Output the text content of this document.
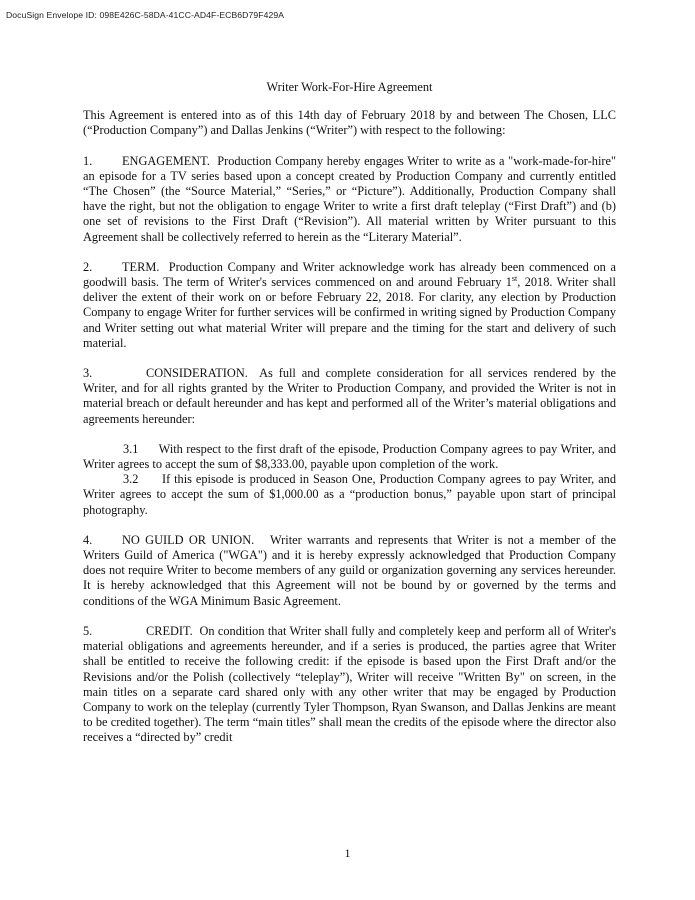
DocuSign Envelope ID: 098E426C-58DA-41CC-AD4F-ECB6D79F429A
Writer Work-For-Hire Agreement

This Agreement is entered into as of this 14th day of February 2018 by and between The Chosen, LLC (“Production Company”) and Dallas Jenkins (“Writer”) with respect to the following:

1. ENGAGEMENT. Production Company hereby engages Writer to write as a "work-made-for-hire" an episode for a TV series based upon a concept created by Production Company and currently entitled “The Chosen” (the “Source Material,” “Series,” or “Picture”). Additionally, Production Company shall have the right, but not the obligation to engage Writer to write a first draft teleplay (“First Draft”) and (b) one set of revisions to the First Draft (“Revision”). All material written by Writer pursuant to this Agreement shall be collectively referred to herein as the “Literary Material”.

2. TERM. Production Company and Writer acknowledge work has already been commenced on a goodwill basis. The term of Writer's services commenced on and around February 1st, 2018. Writer shall deliver the extent of their work on or before February 22, 2018. For clarity, any election by Production Company to engage Writer for further services will be confirmed in writing signed by Production Company and Writer setting out what material Writer will prepare and the timing for the start and delivery of such material.

3.	CONSIDERATION. As full and complete consideration for all services rendered by the Writer, and for all rights granted by the Writer to Production Company, and provided the Writer is not in material breach or default hereunder and has kept and performed all of the Writer’s material obligations and agreements hereunder:

3.1 With respect to the first draft of the episode, Production Company agrees to pay Writer, and Writer agrees to accept the sum of $8,333.00, payable upon completion of the work.

3.2 If this episode is produced in Season One, Production Company agrees to pay Writer, and Writer agrees to accept the sum of $1,000.00 as a “production bonus,” payable upon start of principal photography.

4. NO GUILD OR UNION. Writer warrants and represents that Writer is not a member of the Writers Guild of America ("WGA") and it is hereby expressly acknowledged that Production Company does not require Writer to become members of any guild or organization governing any services hereunder. It is hereby acknowledged that this Agreement will not be bound by or governed by the terms and conditions of the WGA Minimum Basic Agreement.

5.	CREDIT. On condition that Writer shall fully and completely keep and perform all of Writer's material obligations and agreements hereunder, and if a series is produced, the parties agree that Writer shall be entitled to receive the following credit: if the episode is based upon the First Draft and/or the Revisions and/or the Polish (collectively “teleplay”), Writer will receive "Written By" on screen, in the main titles on a separate card shared only with any other writer that may be engaged by Production Company to work on the teleplay (currently Tyler Thompson, Ryan Swanson, and Dallas Jenkins are meant to be credited together). The term “main titles” shall mean the credits of the episode where the director also receives a “directed by” credit

1
